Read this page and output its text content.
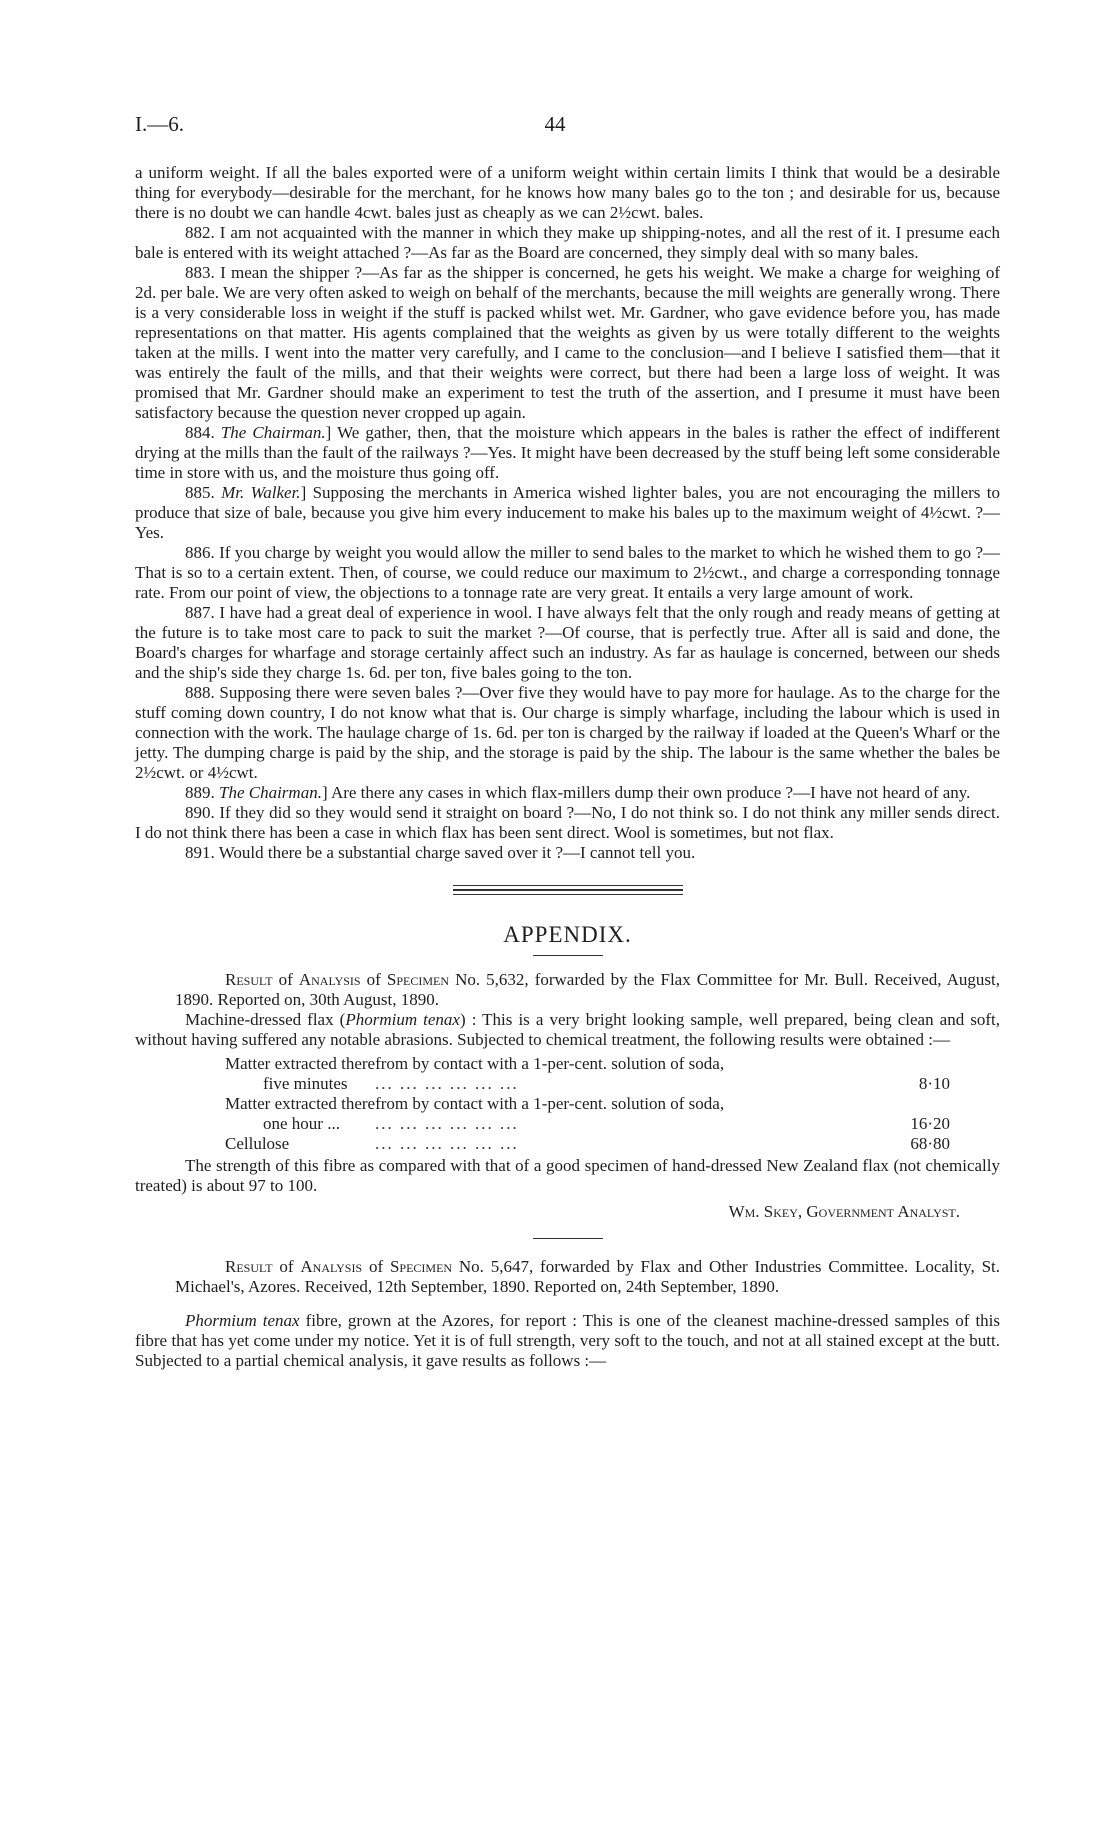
I.—6.	44

a uniform weight. If all the bales exported were of a uniform weight within certain limits I think that would be a desirable thing for everybody—desirable for the merchant, for he knows how many bales go to the ton ; and desirable for us, because there is no doubt we can handle 4cwt. bales just as cheaply as we can 2½cwt. bales.

882. I am not acquainted with the manner in which they make up shipping-notes, and all the rest of it. I presume each bale is entered with its weight attached ?—As far as the Board are concerned, they simply deal with so many bales.

883. I mean the shipper ?—As far as the shipper is concerned, he gets his weight. We make a charge for weighing of 2d. per bale. We are very often asked to weigh on behalf of the merchants, because the mill weights are generally wrong. There is a very considerable loss in weight if the stuff is packed whilst wet. Mr. Gardner, who gave evidence before you, has made representations on that matter. His agents complained that the weights as given by us were totally different to the weights taken at the mills. I went into the matter very carefully, and I came to the conclusion—and I believe I satisfied them—that it was entirely the fault of the mills, and that their weights were correct, but there had been a large loss of weight. It was promised that Mr. Gardner should make an experiment to test the truth of the assertion, and I presume it must have been satisfactory because the question never cropped up again.

884. The Chairman.] We gather, then, that the moisture which appears in the bales is rather the effect of indifferent drying at the mills than the fault of the railways ?—Yes. It might have been decreased by the stuff being left some considerable time in store with us, and the moisture thus going off.

885. Mr. Walker.] Supposing the merchants in America wished lighter bales, you are not encouraging the millers to produce that size of bale, because you give him every inducement to make his bales up to the maximum weight of 4½cwt. ?—Yes.

886. If you charge by weight you would allow the miller to send bales to the market to which he wished them to go ?—That is so to a certain extent. Then, of course, we could reduce our maximum to 2½cwt., and charge a corresponding tonnage rate. From our point of view, the objections to a tonnage rate are very great. It entails a very large amount of work.

887. I have had a great deal of experience in wool. I have always felt that the only rough and ready means of getting at the future is to take most care to pack to suit the market ?—Of course, that is perfectly true. After all is said and done, the Board's charges for wharfage and storage certainly affect such an industry. As far as haulage is concerned, between our sheds and the ship's side they charge 1s. 6d. per ton, five bales going to the ton.

888. Supposing there were seven bales ?—Over five they would have to pay more for haulage. As to the charge for the stuff coming down country, I do not know what that is. Our charge is simply wharfage, including the labour which is used in connection with the work. The haulage charge of 1s. 6d. per ton is charged by the railway if loaded at the Queen's Wharf or the jetty. The dumping charge is paid by the ship, and the storage is paid by the ship. The labour is the same whether the bales be 2½cwt. or 4½cwt.

889. The Chairman.] Are there any cases in which flax-millers dump their own produce ?—I have not heard of any.

890. If they did so they would send it straight on board ?—No, I do not think so. I do not think any miller sends direct. I do not think there has been a case in which flax has been sent direct. Wool is sometimes, but not flax.

891. Would there be a substantial charge saved over it ?—I cannot tell you.

APPENDIX.

Result of Analysis of Specimen No. 5,632, forwarded by the Flax Committee for Mr. Bull. Received, August, 1890. Reported on, 30th August, 1890.

Machine-dressed flax (Phormium tenax) : This is a very bright looking sample, well prepared, being clean and soft, without having suffered any notable abrasions. Subjected to chemical treatment, the following results were obtained :—

Matter extracted therefrom by contact with a 1-per-cent. solution of soda,
five minutes ... ... ... ... ... ...	8·10
Matter extracted therefrom by contact with a 1-per-cent. solution of soda,
one hour ... ... ... ... ... ... ...	16·20
Cellulose	... ... ... ... ... ...	68·80

The strength of this fibre as compared with that of a good specimen of hand-dressed New Zealand flax (not chemically treated) is about 97 to 100.

Wm. Skey, Government Analyst.

Result of Analysis of Specimen No. 5,647, forwarded by Flax and Other Industries Committee. Locality, St. Michael's, Azores. Received, 12th September, 1890. Reported on, 24th September, 1890.

Phormium tenax fibre, grown at the Azores, for report : This is one of the cleanest machine-dressed samples of this fibre that has yet come under my notice. Yet it is of full strength, very soft to the touch, and not at all stained except at the butt. Subjected to a partial chemical analysis, it gave results as follows :—
